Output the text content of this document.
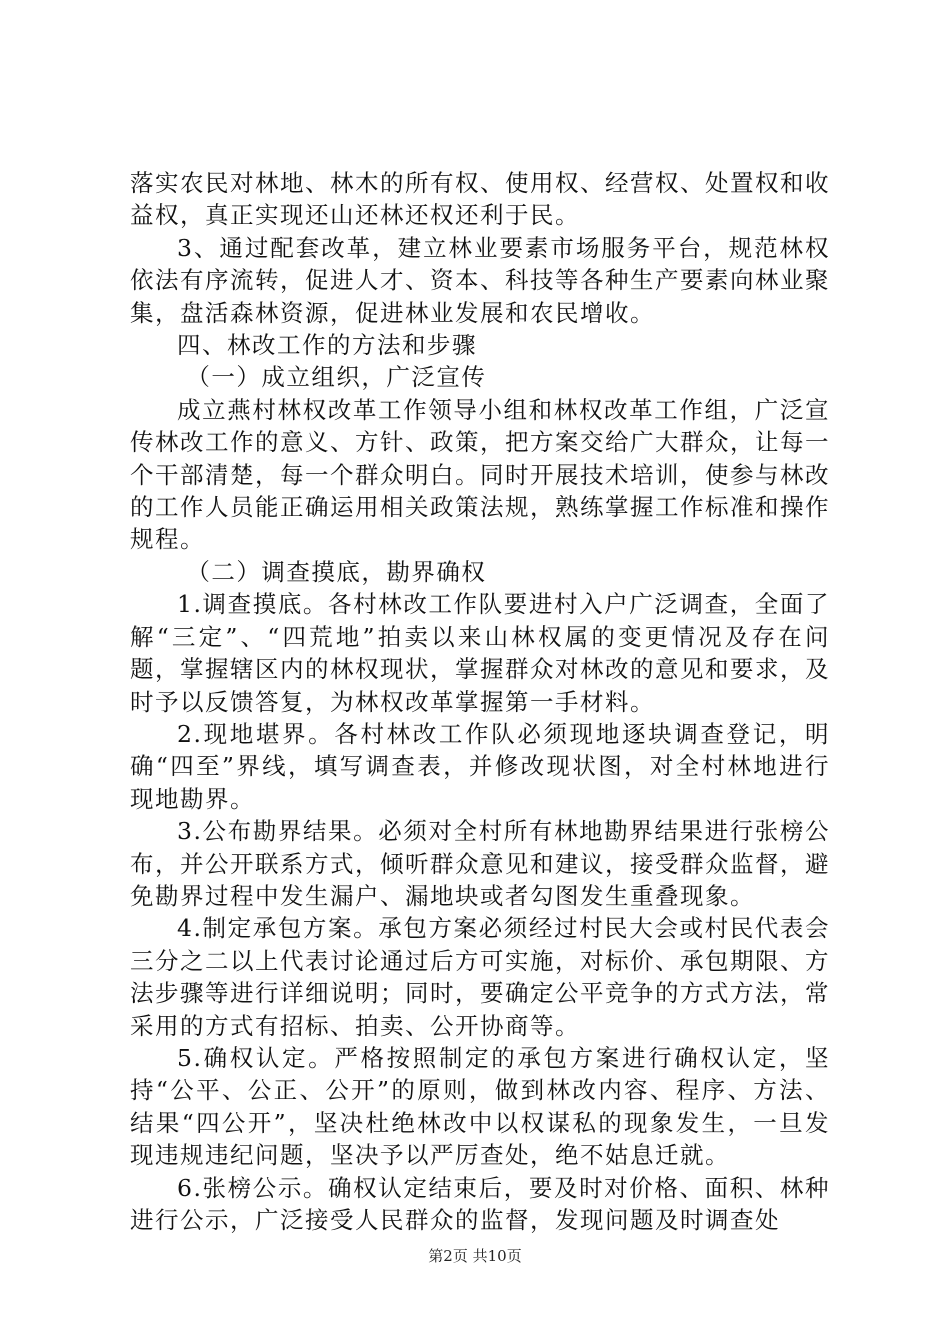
落实农民对林地、林木的所有权、使用权、经营权、处置权和收益权，真正实现还山还林还权还利于民。

3、通过配套改革，建立林业要素市场服务平台，规范林权依法有序流转，促进人才、资本、科技等各种生产要素向林业聚集，盘活森林资源，促进林业发展和农民增收。

四、林改工作的方法和步骤

（一）成立组织，广泛宣传

成立燕村林权改革工作领导小组和林权改革工作组，广泛宣传林改工作的意义、方针、政策，把方案交给广大群众，让每一个干部清楚，每一个群众明白。同时开展技术培训，使参与林改的工作人员能正确运用相关政策法规，熟练掌握工作标准和操作规程。

（二）调查摸底，勘界确权

1.调查摸底。各村林改工作队要进村入户广泛调查，全面了解“三定”、“四荒地”拍卖以来山林权属的变更情况及存在问题，掌握辖区内的林权现状，掌握群众对林改的意见和要求，及时予以反馈答复，为林权改革掌握第一手材料。

2.现地堪界。各村林改工作队必须现地逐块调查登记，明确“四至”界线，填写调查表，并修改现状图，对全村林地进行现地勘界。

3.公布勘界结果。必须对全村所有林地勘界结果进行张榜公布，并公开联系方式，倾听群众意见和建议，接受群众监督，避免勘界过程中发生漏户、漏地块或者勾图发生重叠现象。

4.制定承包方案。承包方案必须经过村民大会或村民代表会三分之二以上代表讨论通过后方可实施，对标价、承包期限、方法步骤等进行详细说明；同时，要确定公平竞争的方式方法，常采用的方式有招标、拍卖、公开协商等。

5.确权认定。严格按照制定的承包方案进行确权认定，坚持“公平、公正、公开”的原则，做到林改内容、程序、方法、结果“四公开”，坚决杜绝林改中以权谋私的现象发生，一旦发现违规违纪问题，坚决予以严厉查处，绝不姑息迁就。

6.张榜公示。确权认定结束后，要及时对价格、面积、林种进行公示，广泛接受人民群众的监督，发现问题及时调查处

第2页 共10页
